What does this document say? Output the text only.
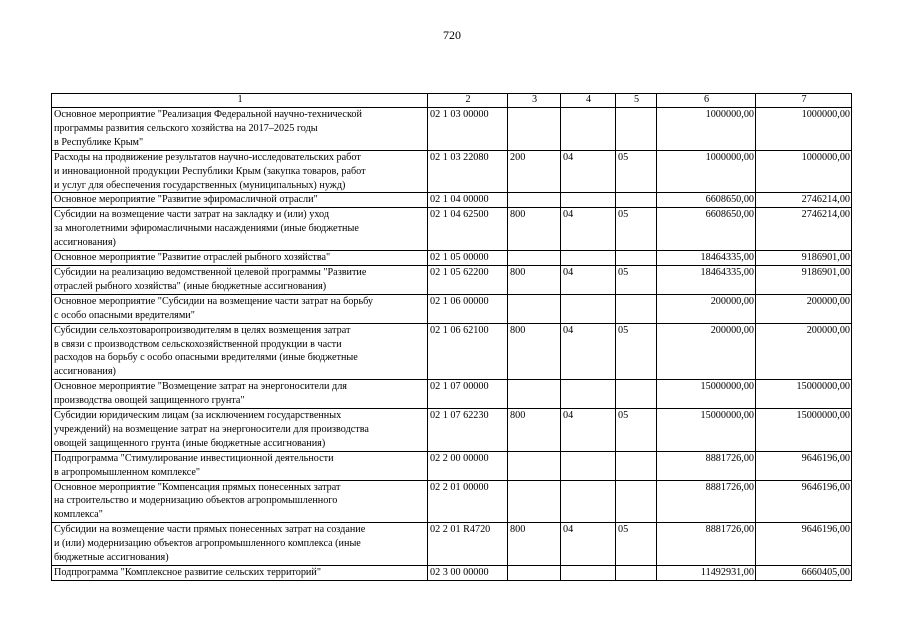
720
1	2	3	4	5	6	7
Основное мероприятие "Реализация Федеральной научно-технической
программы развития сельского хозяйства на 2017–2025 годы
в Республике Крым"	02 1 03 00000				1000000,00	1000000,00
Расходы на продвижение результатов научно-исследовательских работ
и инновационной продукции Республики Крым (закупка товаров, работ
и услуг для обеспечения государственных (муниципальных) нужд)	02 1 03 22080	200	04	05	1000000,00	1000000,00
Основное мероприятие "Развитие эфиромасличной отрасли"	02 1 04 00000				6608650,00	2746214,00
Субсидии на возмещение части затрат на закладку и (или) уход
за многолетними эфиромасличными насаждениями (иные бюджетные
ассигнования)	02 1 04 62500	800	04	05	6608650,00	2746214,00
Основное мероприятие "Развитие отраслей рыбного хозяйства"	02 1 05 00000				18464335,00	9186901,00
Субсидии на реализацию ведомственной целевой программы "Развитие
отраслей рыбного хозяйства" (иные бюджетные ассигнования)	02 1 05 62200	800	04	05	18464335,00	9186901,00
Основное мероприятие "Субсидии на возмещение части затрат на борьбу
с особо опасными вредителями"	02 1 06 00000				200000,00	200000,00
Субсидии сельхозтоваропроизводителям в целях возмещения затрат
в связи с производством сельскохозяйственной продукции в части
расходов на борьбу с особо опасными вредителями (иные бюджетные
ассигнования)	02 1 06 62100	800	04	05	200000,00	200000,00
Основное мероприятие "Возмещение затрат на энергоносители для
производства овощей защищенного грунта"	02 1 07 00000				15000000,00	15000000,00
Субсидии юридическим лицам (за исключением государственных
учреждений) на возмещение затрат на энергоносители для производства
овощей защищенного грунта (иные бюджетные ассигнования)	02 1 07 62230	800	04	05	15000000,00	15000000,00
Подпрограмма "Стимулирование инвестиционной деятельности
в агропромышленном комплексе"	02 2 00 00000				8881726,00	9646196,00
Основное мероприятие "Компенсация прямых понесенных затрат
на строительство и модернизацию объектов агропромышленного
комплекса"	02 2 01 00000				8881726,00	9646196,00
Субсидии на возмещение части прямых понесенных затрат на создание
и (или) модернизацию объектов агропромышленного комплекса (иные
бюджетные ассигнования)	02 2 01 R4720	800	04	05	8881726,00	9646196,00
Подпрограмма "Комплексное развитие сельских территорий"	02 3 00 00000				11492931,00	6660405,00
